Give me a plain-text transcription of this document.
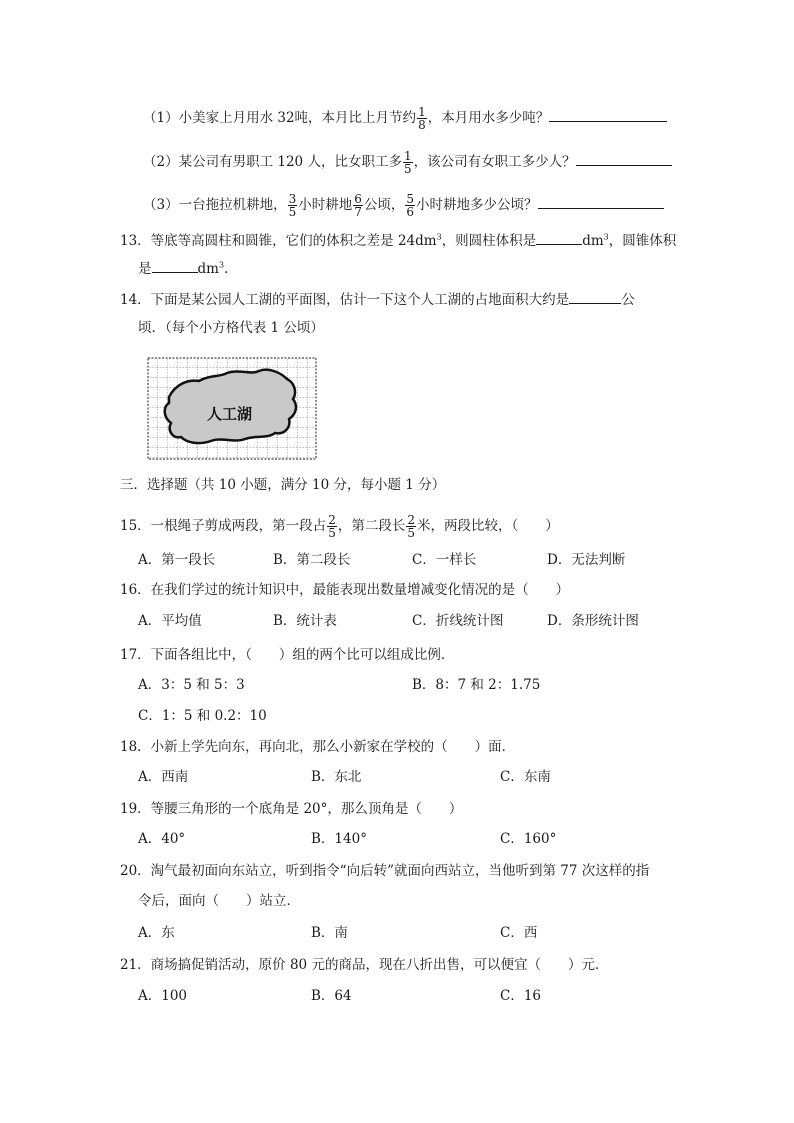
（1）小美家上月用水 32吨，本月比上月节约 $\frac{1}{8}$ ，本月用水多少吨？
（2）某公司有男职工 120 人，比女职工多 $\frac{1}{5}$ ，该公司有女职工多少人？
（3）一台拖拉机耕地， $\frac{3}{5}$ 小时耕地 $\frac{6}{7}$ 公顷， $\frac{5}{6}$ 小时耕地多少公顷？
13．等底等高圆柱和圆锥，它们的体积之差是 $24dm^3$，则圆柱体积是	$dm^3$，圆锥体积
是	$dm^3$.
14．下面是某公园人工湖的平面图，估计一下这个人工湖的占地面积大约是	公
顷．（每个小方格代表 1 公顷）
人工湖
三．选择题（共 10 小题，满分 10 分，每小题 1 分）
15．一根绳子剪成两段，第一段占 $\frac{2}{5}$ ，第二段长 $\frac{2}{5}$ 米，两段比较，（　　）
A．第一段长	B．第二段长	C．一样长	D．无法判断
16．在我们学过的统计知识中，最能表现出数量增减变化情况的是（　　）
A．平均值	B．统计表	C．折线统计图	D．条形统计图
17．下面各组比中，（　　）组的两个比可以组成比例．
A．3：5 和 5：3	B．8：7 和 2：1.75
C．1：5 和 0.2：10
18．小新上学先向东，再向北，那么小新家在学校的（　　）面．
A．西南	B．东北	C．东南
19．等腰三角形的一个底角是 20°，那么顶角是（　　）
A．40°	B．140°	C．160°
20．淘气最初面向东站立，听到指令“向后转”就面向西站立，当他听到第 77 次这样的指
令后，面向（　　）站立．
A．东	B．南	C．西
21．商场搞促销活动，原价 80 元的商品，现在八折出售，可以便宜（　　）元．
A．100	B．64	C．16
